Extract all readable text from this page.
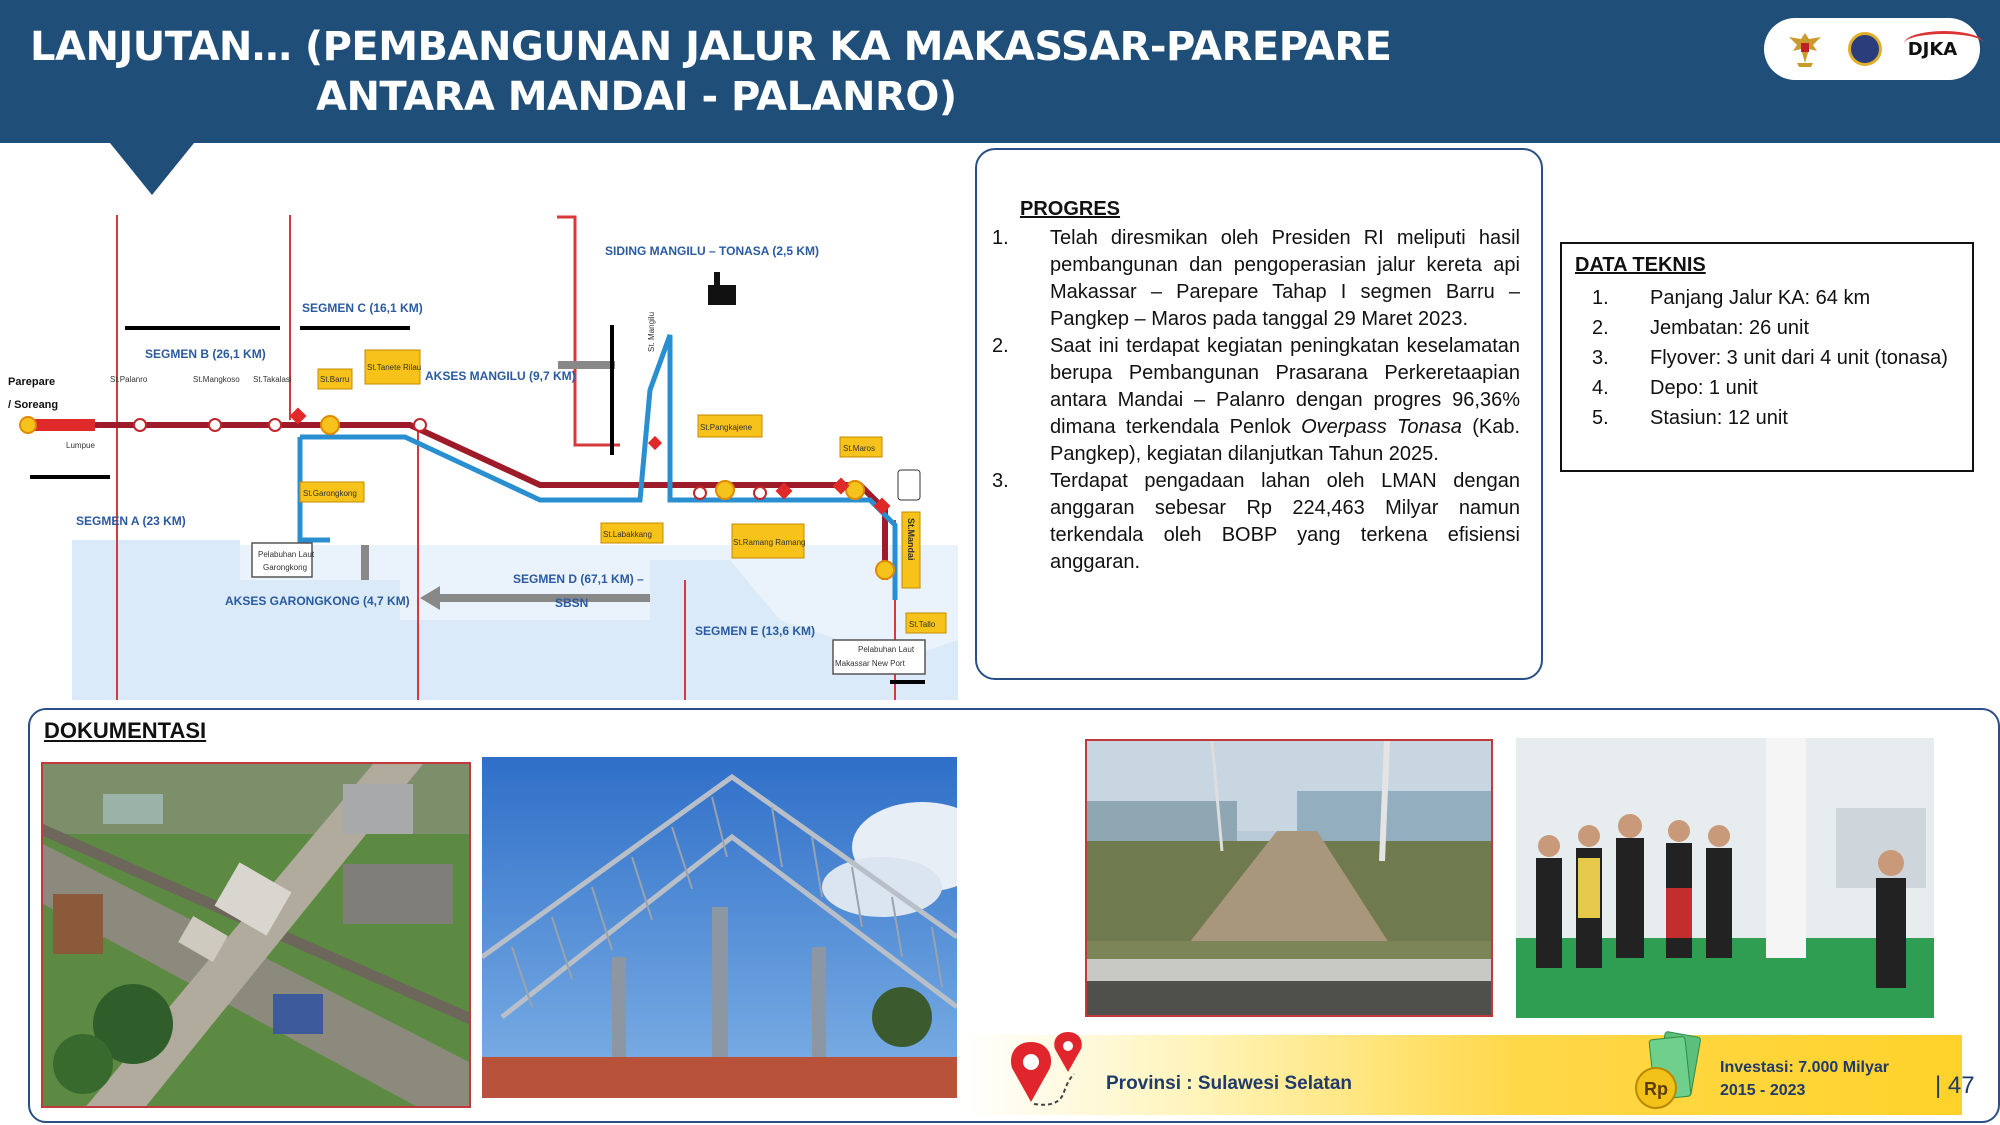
LANJUTAN… (PEMBANGUNAN JALUR KA MAKASSAR-PAREPARE
ANTARA MANDAI - PALANRO)
DJKA
SIDING MANGILU – TONASA (2,5 KM)
SEGMEN C (16,1 KM)
SEGMEN B (26,1 KM)
SEGMEN A (23 KM)
AKSES MANGILU (9,7 KM)
AKSES GARONGKONG (4,7 KM)
SEGMEN D (67,1 KM) –
SBSN
SEGMEN E (13,6 KM)
Parepare
/ Soreang
Lumpue
St.Palanro	St.Mangkoso St.Takalasi	St.Barru
St.Tanete Rilau
St.Garongkong
Pelabuhan Laut
Garongkong
St.Labakkang
St.Pangkajene
St.Maros
St.Ramang Ramang
St.Tallo
Pelabuhan Laut
Makassar New Port
St. Mangilu
St.Mandai
PROGRES
1.	Telah diresmikan oleh Presiden RI meliputi hasil pembangunan dan pengoperasian jalur kereta api Makassar – Parepare Tahap I segmen Barru – Pangkep – Maros pada tanggal 29 Maret 2023.
2.	Saat ini terdapat kegiatan peningkatan keselamatan berupa Pembangunan Prasarana Perkeretaapian antara Mandai – Palanro dengan progres 96,36% dimana terkendala Penlok Overpass Tonasa (Kab. Pangkep), kegiatan dilanjutkan Tahun 2025.
3.	Terdapat pengadaan lahan oleh LMAN dengan anggaran sebesar Rp 224,463 Milyar namun terkendala oleh BOBP yang terkena efisiensi anggaran.
DATA TEKNIS
1.	Panjang Jalur KA: 64 km
2.	Jembatan: 26 unit
3.	Flyover: 3 unit dari 4 unit (tonasa)
4.	Depo: 1 unit
5.	Stasiun: 12 unit
DOKUMENTASI
Provinsi : Sulawesi Selatan	Rp
Investasi: 7.000 Milyar
2015 - 2023	| 47
